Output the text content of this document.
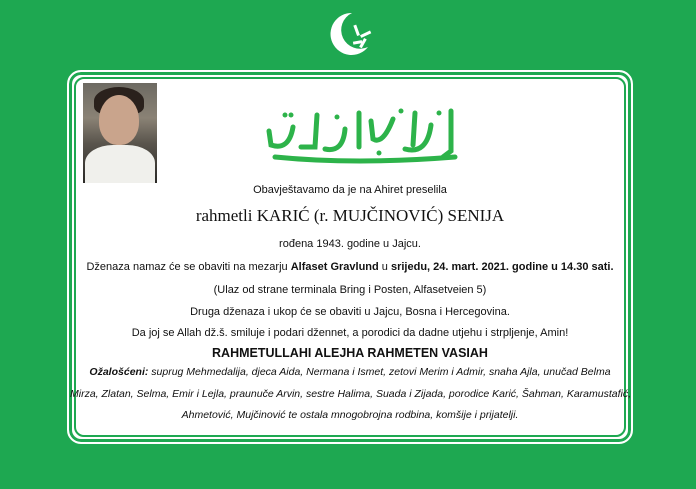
Obavještavamo da je na Ahiret preselila
rahmetli KARIĆ (r. MUJČINOVIĆ) SENIJA
rođena 1943. godine u Jajcu.
Dženaza namaz će se obaviti na mezarju Alfaset Gravlund u srijedu, 24. mart. 2021. godine u 14.30 sati.
(Ulaz od strane terminala Bring i Posten, Alfasetveien 5)
Druga dženaza i ukop će se obaviti u Jajcu, Bosna i Hercegovina.
Da joj se Allah dž.š. smiluje i podari džennet, a porodici da dadne utjehu i strpljenje, Amin!
RAHMETULLAHI ALEJHA RAHMETEN VASIAH
Ožalošćeni: suprug Mehmedalija, djeca Aida, Nermana i Ismet, zetovi Merim i Admir, snaha Ajla, unučad Belma
Mirza, Zlatan, Selma, Emir i Lejla, praunuče Arvin, sestre Halima, Suada i Zijada, porodice Karić, Šahman, Karamustafić,
Ahmetović, Mujčinović te ostala mnogobrojna rodbina, komšije i prijatelji.
